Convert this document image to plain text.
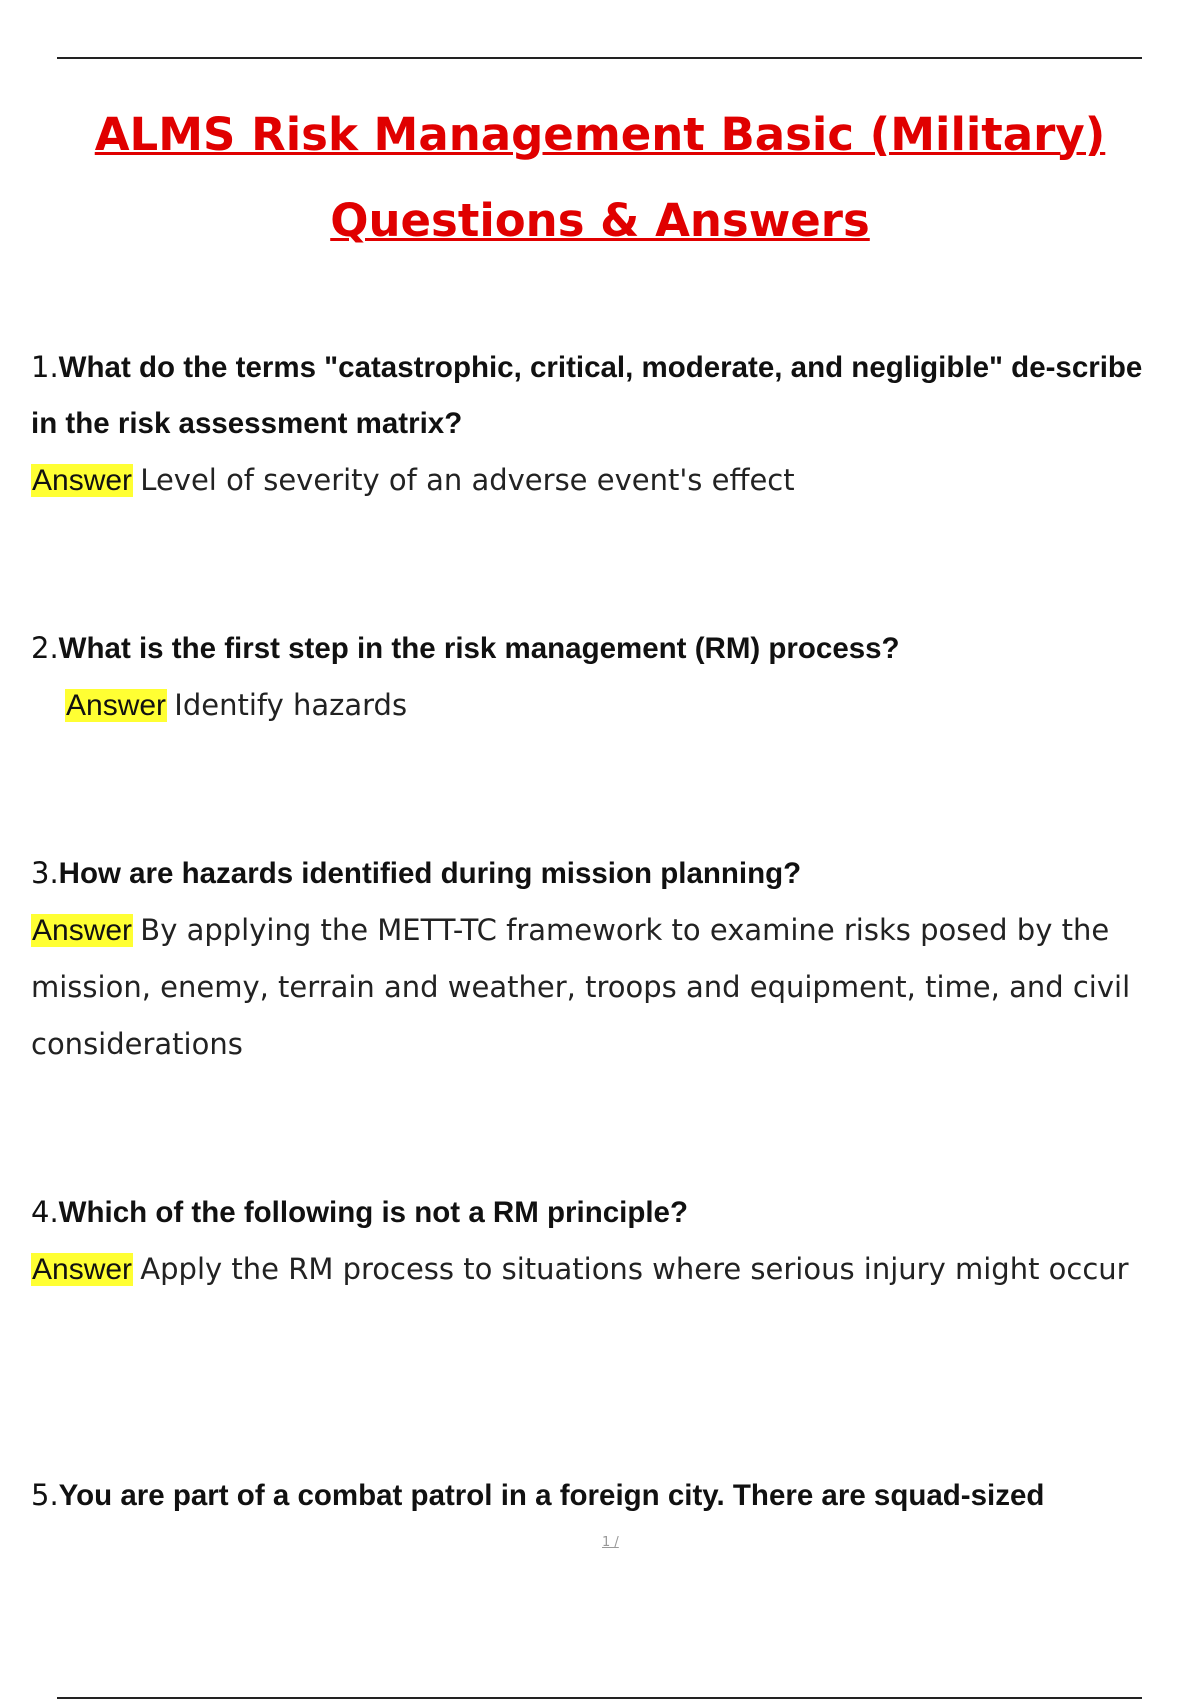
ALMS Risk Management Basic (Military)
Questions & Answers
1.What do the terms "catastrophic, critical, moderate, and negligible" de-scribe in the risk assessment matrix?
Answer Level of severity of an adverse event's effect
2.What is the first step in the risk management (RM) process?
Answer Identify hazards
3.How are hazards identified during mission planning?
Answer By applying the METT-TC framework to examine risks posed by the mission, enemy, terrain and weather, troops and equipment, time, and civil considerations
4.Which of the following is not a RM principle?
Answer Apply the RM process to situations where serious injury might occur
5.You are part of a combat patrol in a foreign city. There are squad-sized
1 /
